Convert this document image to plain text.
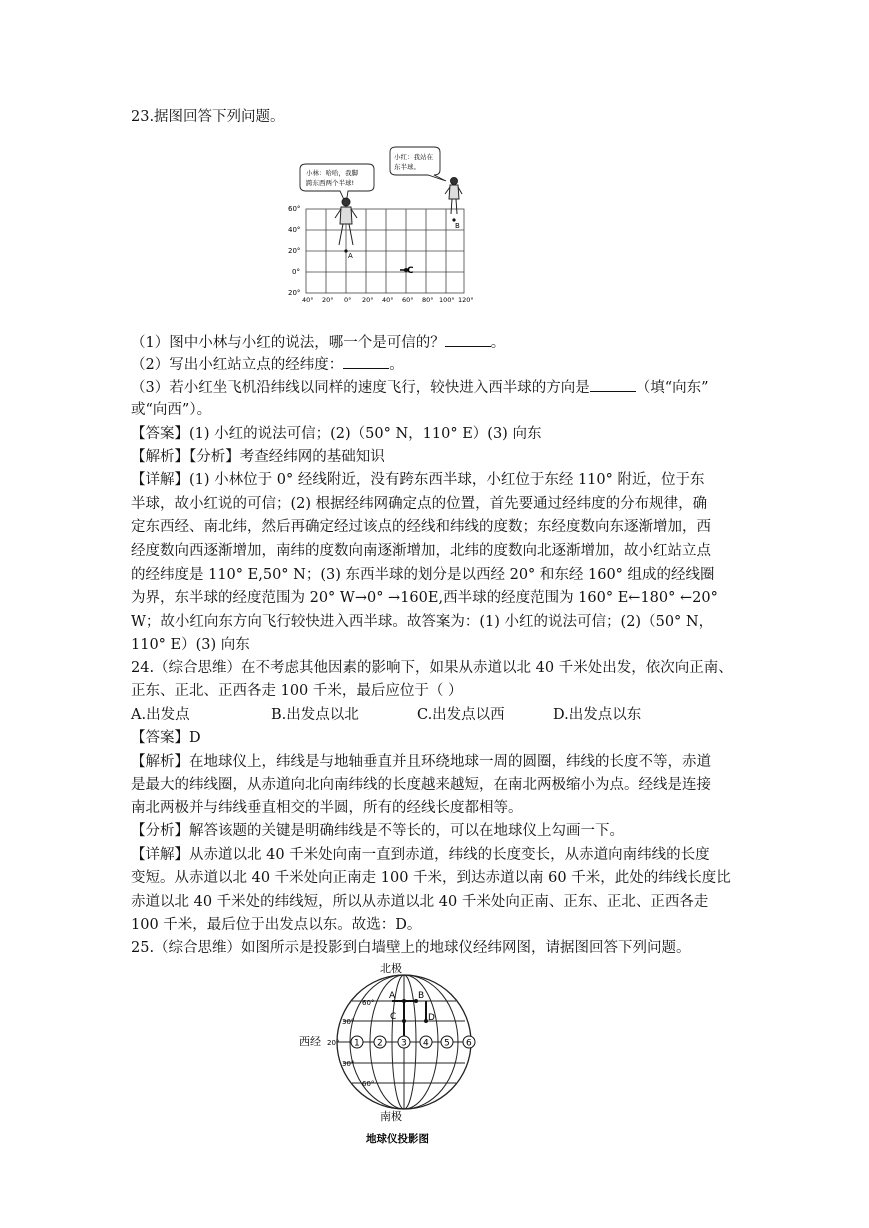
23.据图回答下列问题。
60°
40°
20°
0°
20°
40° 20° 0° 20° 40° 60° 80° 100° 120°
小林：哈哈，我脚
跨东西两个半球!
小红：我站在
东半球。
A
B
C
（1）图中小林与小红的说法，哪一个是可信的？	。
（2）写出小红站立点的经纬度：	。
（3）若小红坐飞机沿纬线以同样的速度飞行，较快进入西半球的方向是	（填“向东”
或“向西”）。
【答案】(1) 小红的说法可信；(2)（50° N，110° E）(3) 向东
【解析】【分析】考查经纬网的基础知识
【详解】(1) 小林位于 0° 经线附近，没有跨东西半球，小红位于东经 110° 附近，位于东
半球，故小红说的可信；(2) 根据经纬网确定点的位置，首先要通过经纬度的分布规律，确
定东西经、南北纬，然后再确定经过该点的经线和纬线的度数；东经度数向东逐渐增加，西
经度数向西逐渐增加，南纬的度数向南逐渐增加，北纬的度数向北逐渐增加，故小红站立点
的经纬度是 110° E,50° N；(3) 东西半球的划分是以西经 20° 和东经 160° 组成的经线圈
为界，东半球的经度范围为 20° W→0° →160E,西半球的经度范围为 160° E←180° ←20°
W；故小红向东方向飞行较快进入西半球。故答案为：(1) 小红的说法可信；(2)（50° N，
110° E）(3) 向东
24.（综合思维）在不考虑其他因素的影响下，如果从赤道以北 40 千米处出发，依次向正南、
正东、正北、正西各走 100 千米，最后应位于（ ）
A.出发点	B.出发点以北	C.出发点以西	D.出发点以东
【答案】D
【解析】在地球仪上，纬线是与地轴垂直并且环绕地球一周的圆圈，纬线的长度不等，赤道
是最大的纬线圈，从赤道向北向南纬线的长度越来越短，在南北两极缩小为点。经线是连接
南北两极并与纬线垂直相交的半圆，所有的经线长度都相等。
【分析】解答该题的关键是明确纬线是不等长的，可以在地球仪上勾画一下。
【详解】从赤道以北 40 千米处向南一直到赤道，纬线的长度变长，从赤道向南纬线的长度
变短。从赤道以北 40 千米处向正南走 100 千米，到达赤道以南 60 千米，此处的纬线长度比
赤道以北 40 千米处的纬线短，所以从赤道以北 40 千米处向正南、正东、正北、正西各走
100 千米，最后位于出发点以东。故选：D。
25.（综合思维）如图所示是投影到白墙壁上的地球仪经纬网图，请据图回答下列问题。
北极
南极
西经
地球仪投影图
60°
30°
30°
60°
20°
A	B
C	D
1 2 3 4 5 6
